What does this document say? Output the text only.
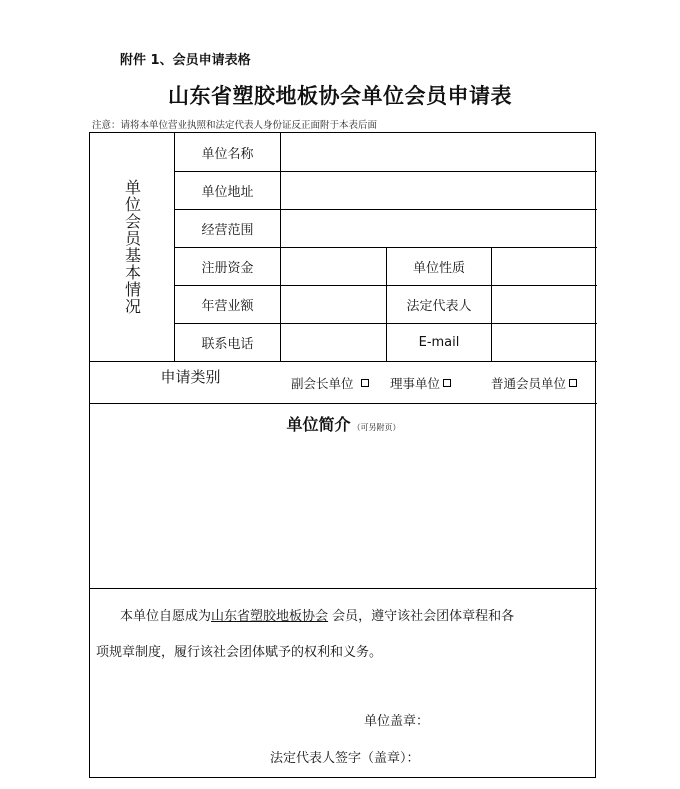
附件 1、会员申请表格
山东省塑胶地板协会单位会员申请表
注意：请将本单位营业执照和法定代表人身份证反正面附于本表后面
单位会员基本情况
单位名称
单位地址
经营范围
注册资金	单位性质
年营业额	法定代表人
联系电话	E-mail
申请类别	副会长单位	理事单位	普通会员单位
单位简介 （可另附页）
本单位自愿成为山东省塑胶地板协会 会员，遵守该社会团体章程和各
项规章制度，履行该社会团体赋予的权利和义务。
单位盖章：
法定代表人签字（盖章）：
